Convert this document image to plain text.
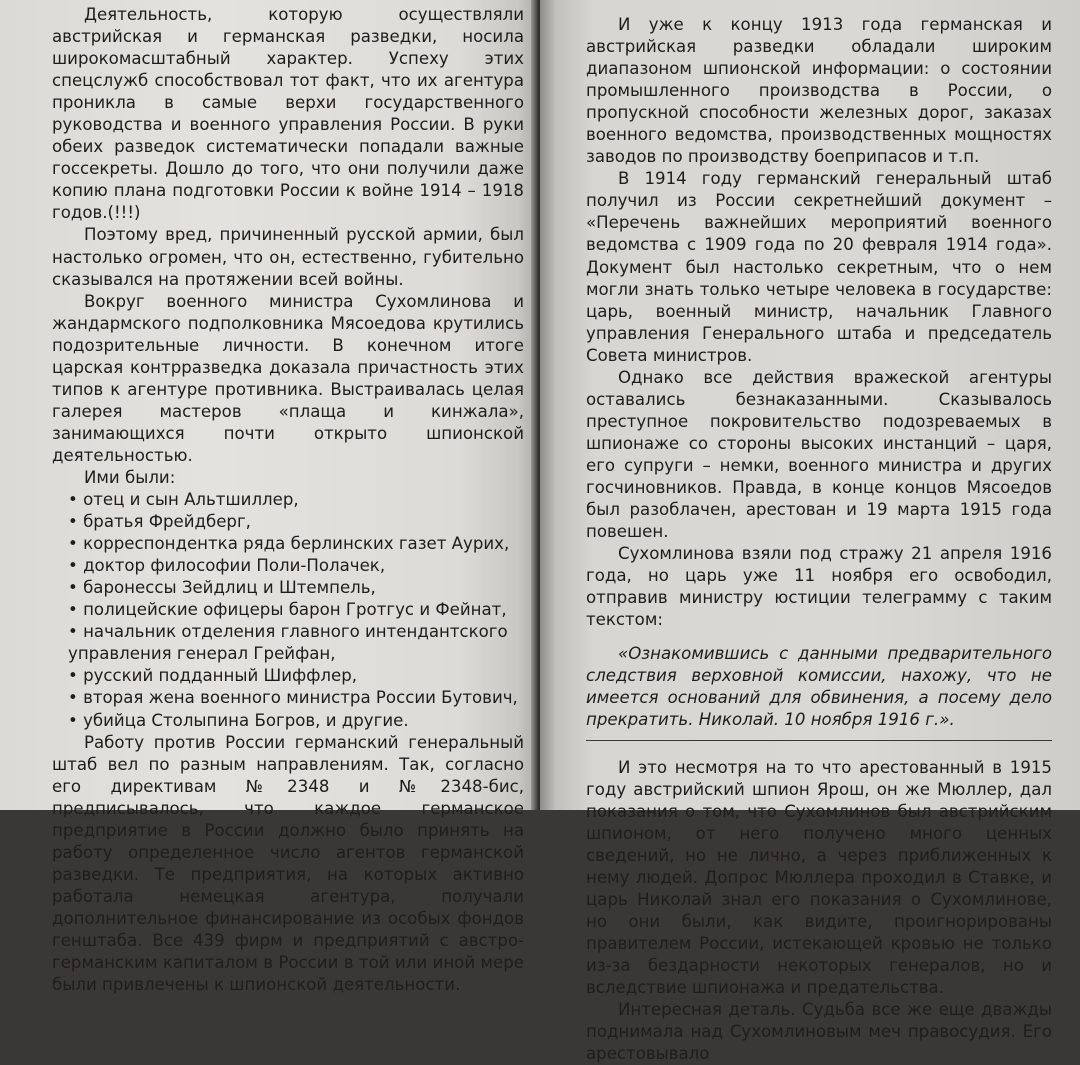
Деятельность, которую осуществляли австрийская и германская разведки, носила широкомасштабный характер. Успеху этих спецслужб способствовал тот факт, что их агентура проникла в самые верхи государственного руководства и военного управления России. В руки обеих разведок систематически попадали важные госсекреты. Дошло до того, что они получили даже копию плана подготовки России к войне 1914 – 1918 годов.(!!!)

Поэтому вред, причиненный русской армии, был настолько огромен, что он, естественно, губительно сказывался на протяжении всей войны.

Вокруг военного министра Сухомлинова и жандармского подполковника Мясоедова крутились подозрительные личности. В конечном итоге царская контрразведка доказала причастность этих типов к агентуре противника. Выстраивалась целая галерея мастеров «плаща и кинжала», занимающихся почти открыто шпионской деятельностью.

Ими были:

• отец и сын Альтшиллер,
• братья Фрейдберг,
• корреспондентка ряда берлинских газет Аурих,
• доктор философии Поли-Полачек,
• баронессы Зейдлиц и Штемпель,
• полицейские офицеры барон Гротгус и Фейнат,
• начальник отделения главного интендантского управления генерал Грейфан,
• русский подданный Шиффлер,
• вторая жена военного министра России Бутович,
• убийца Столыпина Богров, и другие.

Работу против России германский генеральный штаб вел по разным направлениям. Так, согласно его директивам №2348 и №2348-бис, предписывалось, что каждое германское предприятие в России должно было принять на работу определенное число агентов германской разведки. Те предприятия, на которых активно работала немецкая агентура, получали дополнительное финансирование из особых фондов генштаба. Все 439 фирм и предприятий с австро-германским капиталом в России в той или иной мере были привлечены к шпионской деятельности.

И уже к концу 1913 года германская и австрийская разведки обладали широким диапазоном шпионской информации: о состоянии промышленного производства в России, о пропускной способности железных дорог, заказах военного ведомства, производственных мощностях заводов по производству боеприпасов и т.п.

В 1914 году германский генеральный штаб получил из России секретнейший документ – «Перечень важнейших мероприятий военного ведомства с 1909 года по 20 февраля 1914 года». Документ был настолько секретным, что о нем могли знать только четыре человека в государстве: царь, военный министр, начальник Главного управления Генерального штаба и председатель Совета министров.

Однако все действия вражеской агентуры оставались безнаказанными. Сказывалось преступное покровительство подозреваемых в шпионаже со стороны высоких инстанций – царя, его супруги – немки, военного министра и других госчиновников. Правда, в конце концов Мясоедов был разоблачен, арестован и 19 марта 1915 года повешен.

Сухомлинова взяли под стражу 21 апреля 1916 года, но царь уже 11 ноября его освободил, отправив министру юстиции телеграмму с таким текстом:

«Ознакомившись с данными предварительного следствия верховной комиссии, нахожу, что не имеется оснований для обвинения, а посему дело прекратить. Николай. 10 ноября 1916 г.».

И это несмотря на то что арестованный в 1915 году австрийский шпион Ярош, он же Мюллер, дал показания о том, что Сухомлинов был австрийским шпионом, от него получено много ценных сведений, но не лично, а через приближенных к нему людей. Допрос Мюллера проходил в Ставке, и царь Николай знал его показания о Сухомлинове, но они были, как видите, проигнорированы правителем России, истекающей кровью не только из-за бездарности некоторых генералов, но и вследствие шпионажа и предательства.

Интересная деталь. Судьба все же еще дважды поднимала над Сухомлиновым меч правосудия. Его арестовывало
